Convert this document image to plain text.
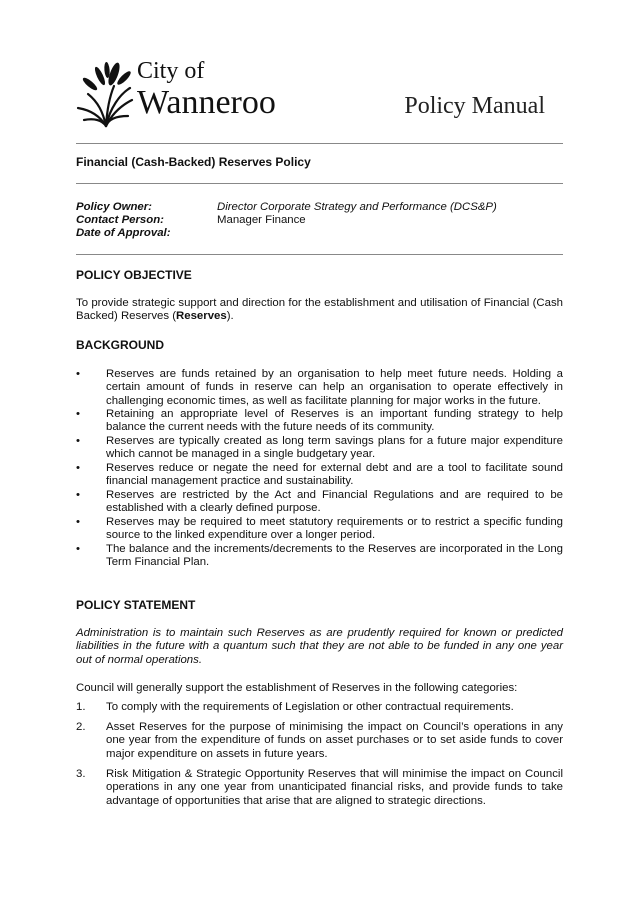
City of
Wanneroo	Policy Manual
Financial (Cash-Backed) Reserves Policy
Policy Owner:	Director Corporate Strategy and Performance (DCS&P)
Contact Person:	Manager Finance
Date of Approval:
POLICY OBJECTIVE
To provide strategic support and direction for the establishment and utilisation of Financial (Cash Backed) Reserves (Reserves).
BACKGROUND
•	Reserves are funds retained by an organisation to help meet future needs. Holding a certain amount of funds in reserve can help an organisation to operate effectively in challenging economic times, as well as facilitate planning for major works in the future.
•	Retaining an appropriate level of Reserves is an important funding strategy to help balance the current needs with the future needs of its community.
•	Reserves are typically created as long term savings plans for a future major expenditure which cannot be managed in a single budgetary year.
•	Reserves reduce or negate the need for external debt and are a tool to facilitate sound financial management practice and sustainability.
•	Reserves are restricted by the Act and Financial Regulations and are required to be established with a clearly defined purpose.
•	Reserves may be required to meet statutory requirements or to restrict a specific funding source to the linked expenditure over a longer period.
•	The balance and the increments/decrements to the Reserves are incorporated in the Long Term Financial Plan.
POLICY STATEMENT
Administration is to maintain such Reserves as are prudently required for known or predicted liabilities in the future with a quantum such that they are not able to be funded in any one year out of normal operations.
Council will generally support the establishment of Reserves in the following categories:
1. To comply with the requirements of Legislation or other contractual requirements.
2. Asset Reserves for the purpose of minimising the impact on Council’s operations in any one year from the expenditure of funds on asset purchases or to set aside funds to cover major expenditure on assets in future years.
3. Risk Mitigation & Strategic Opportunity Reserves that will minimise the impact on Council operations in any one year from unanticipated financial risks, and provide funds to take advantage of opportunities that arise that are aligned to strategic directions.
